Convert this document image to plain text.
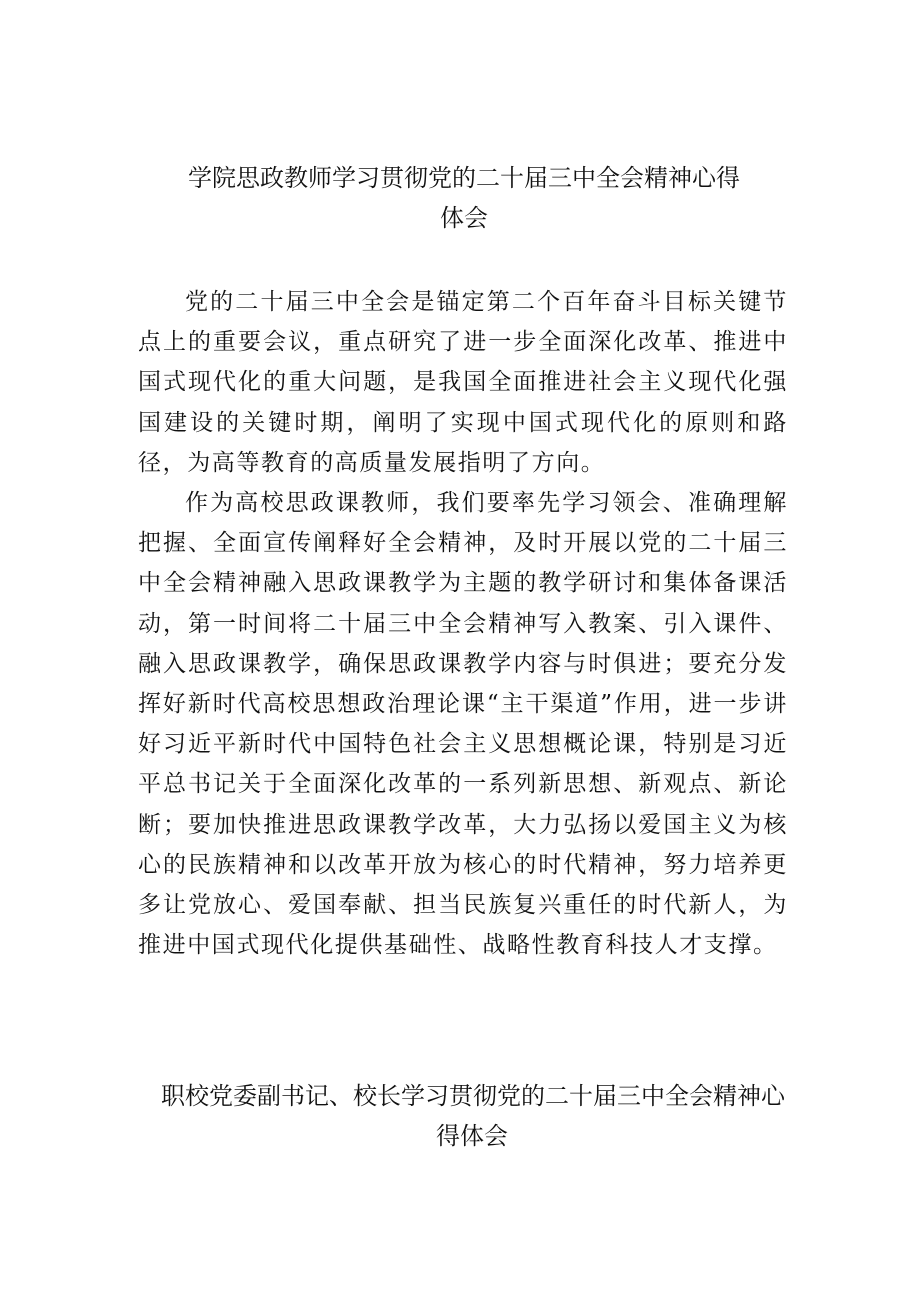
学院思政教师学习贯彻党的二十届三中全会精神心得
体会

党的二十届三中全会是锚定第二个百年奋斗目标关键节点上的重要会议，重点研究了进一步全面深化改革、推进中国式现代化的重大问题，是我国全面推进社会主义现代化强国建设的关键时期，阐明了实现中国式现代化的原则和路径，为高等教育的高质量发展指明了方向。

作为高校思政课教师，我们要率先学习领会、准确理解把握、全面宣传阐释好全会精神，及时开展以党的二十届三中全会精神融入思政课教学为主题的教学研讨和集体备课活动，第一时间将二十届三中全会精神写入教案、引入课件、融入思政课教学，确保思政课教学内容与时俱进；要充分发挥好新时代高校思想政治理论课“主干渠道”作用，进一步讲好习近平新时代中国特色社会主义思想概论课，特别是习近平总书记关于全面深化改革的一系列新思想、新观点、新论断；要加快推进思政课教学改革，大力弘扬以爱国主义为核心的民族精神和以改革开放为核心的时代精神，努力培养更多让党放心、爱国奉献、担当民族复兴重任的时代新人，为推进中国式现代化提供基础性、战略性教育科技人才支撑。

职校党委副书记、校长学习贯彻党的二十届三中全会精神心
得体会
